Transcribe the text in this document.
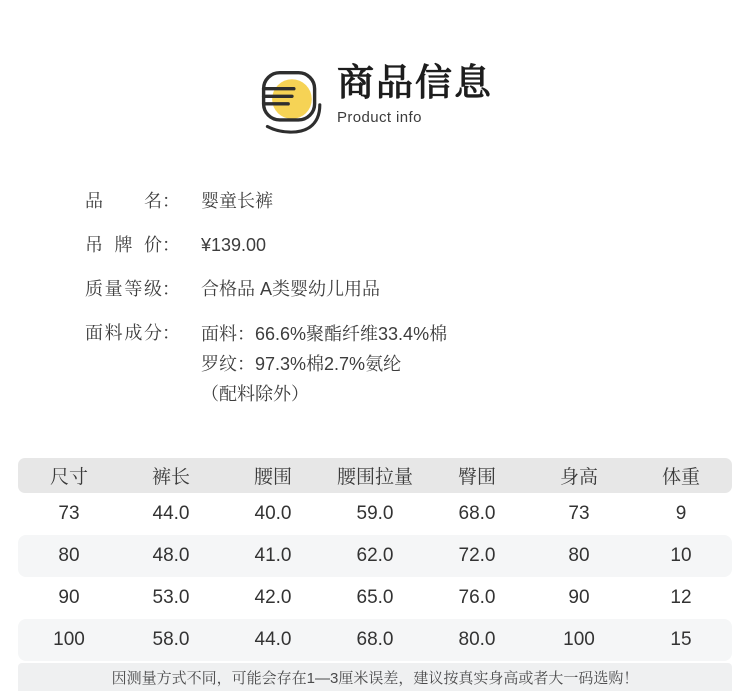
商品信息
Product info
品 名 ： 婴童长裤
吊 牌 价 ： ¥139.00
质 量 等 级 ： 合格品 A类婴幼儿用品
面 料 成 分 ： 面料：66.6%聚酯纤维33.4%棉
罗纹：97.3%棉2.7%氨纶
（配料除外）
尺寸	裤长	腰围	腰围拉量	臀围	身高	体重
73	44.0	40.0	59.0	68.0	73	9
80	48.0	41.0	62.0	72.0	80	10
90	53.0	42.0	65.0	76.0	90	12
100	58.0	44.0	68.0	80.0	100	15
因测量方式不同，可能会存在1—3厘米误差，建议按真实身高或者大一码选购！
